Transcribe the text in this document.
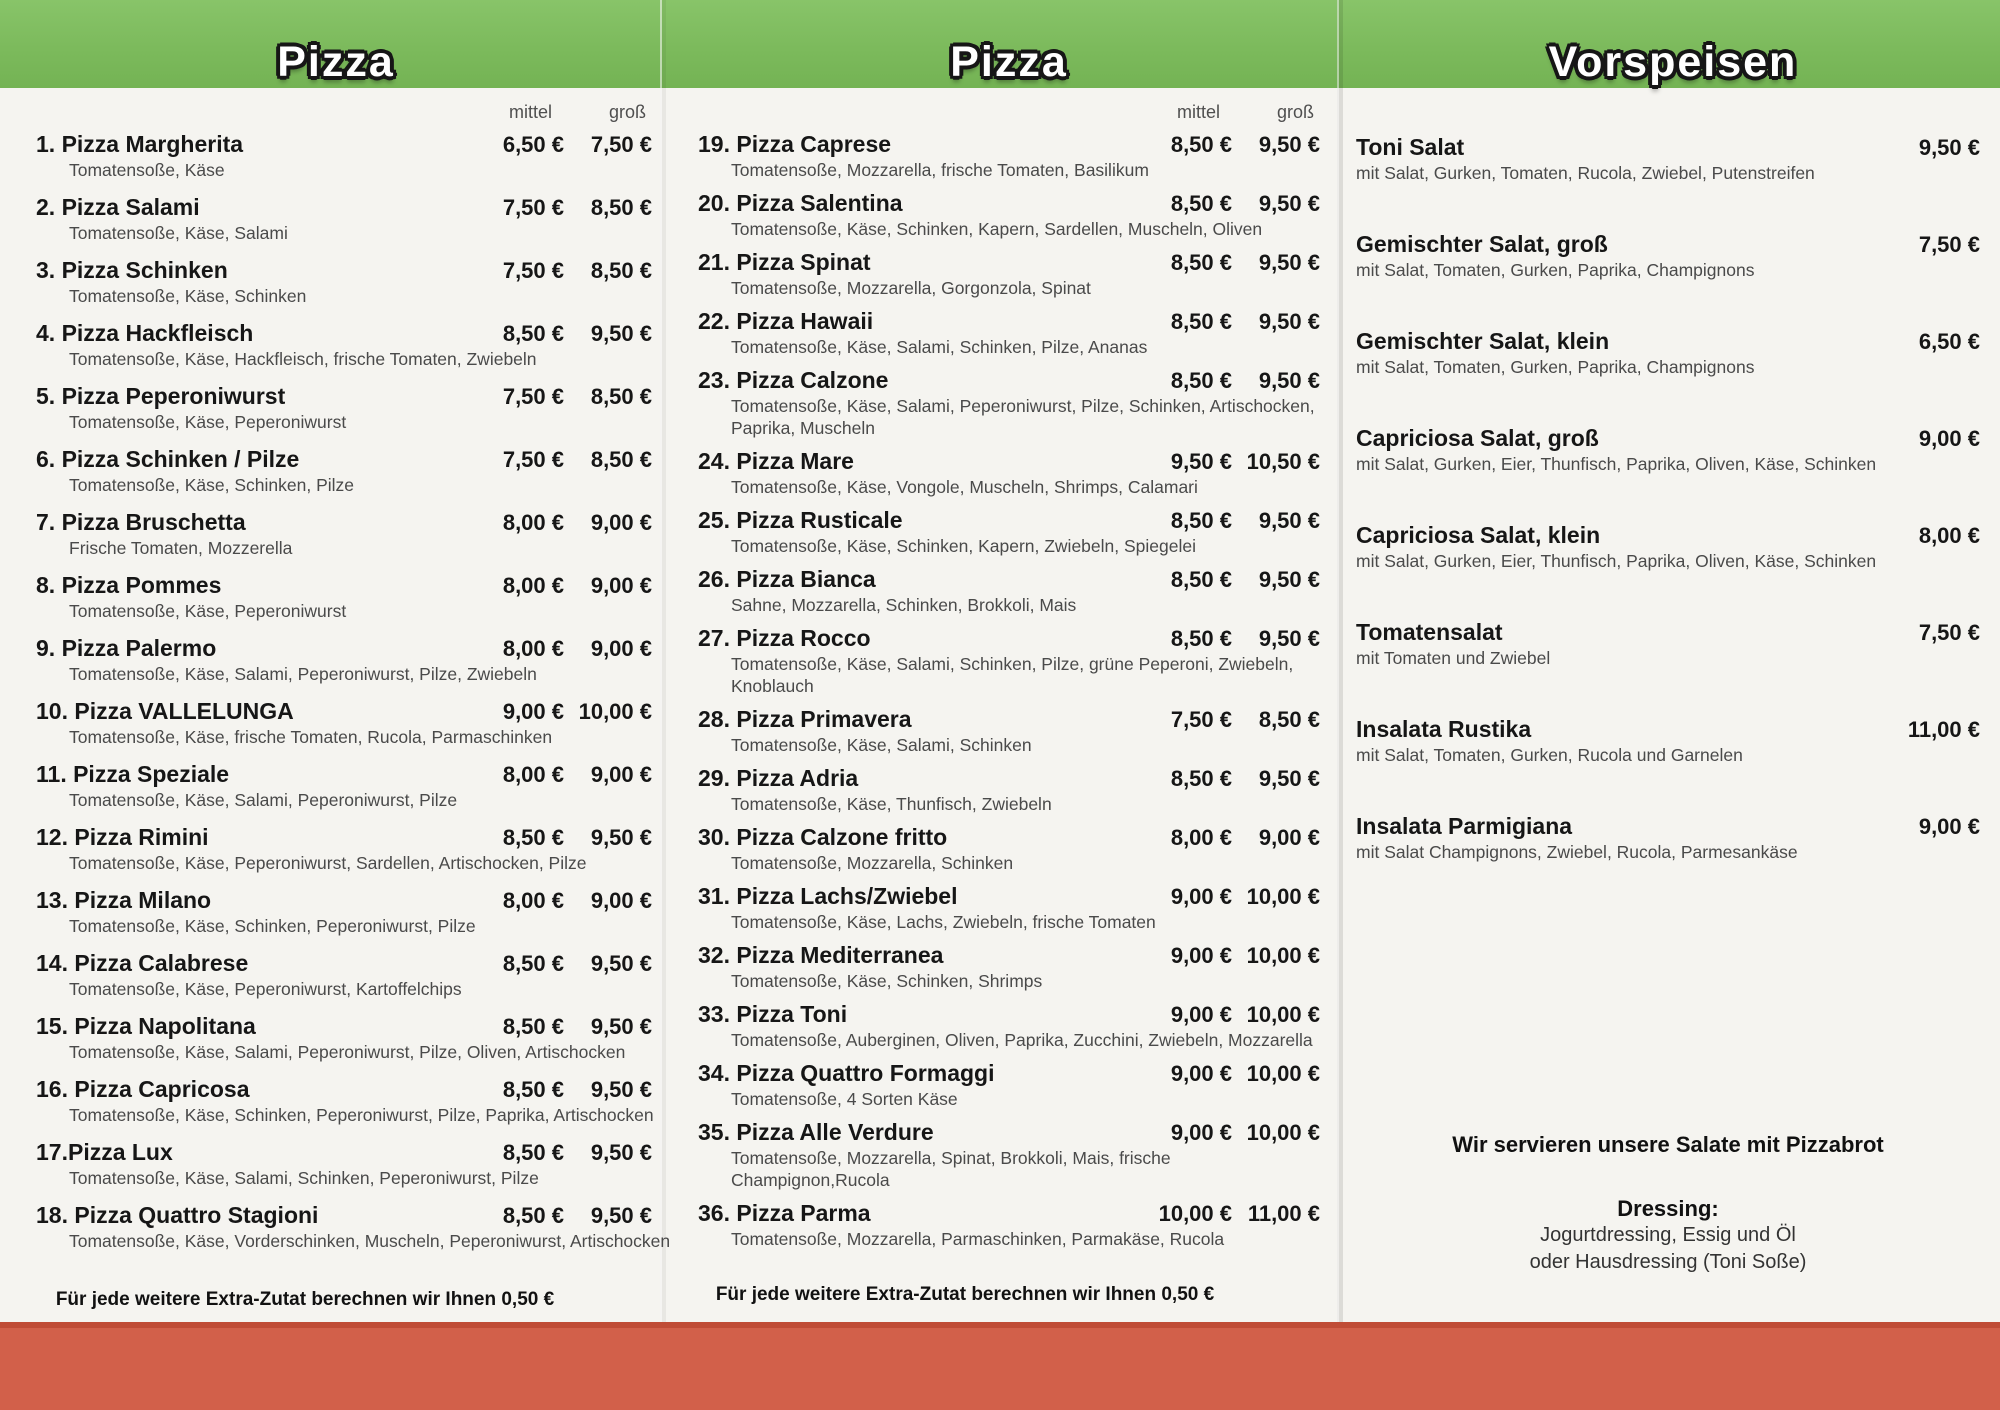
Pizza	Pizza	Vorspeisen
mittel	groß
1. Pizza Margherita	6,50 €	7,50 €
Tomatensoße, Käse
2. Pizza Salami	7,50 €	8,50 €
Tomatensoße, Käse, Salami
3. Pizza Schinken	7,50 €	8,50 €
Tomatensoße, Käse, Schinken
4. Pizza Hackfleisch	8,50 €	9,50 €
Tomatensoße, Käse, Hackfleisch, frische Tomaten, Zwiebeln
5. Pizza Peperoniwurst	7,50 €	8,50 €
Tomatensoße, Käse, Peperoniwurst
6. Pizza Schinken / Pilze	7,50 €	8,50 €
Tomatensoße, Käse, Schinken, Pilze
7. Pizza Bruschetta	8,00 €	9,00 €
Frische Tomaten, Mozzerella
8. Pizza Pommes	8,00 €	9,00 €
Tomatensoße, Käse, Peperoniwurst
9. Pizza Palermo	8,00 €	9,00 €
Tomatensoße, Käse, Salami, Peperoniwurst, Pilze, Zwiebeln
10. Pizza VALLELUNGA	9,00 € 10,00 €
Tomatensoße, Käse, frische Tomaten, Rucola, Parmaschinken
11. Pizza Speziale	8,00 €	9,00 €
Tomatensoße, Käse, Salami, Peperoniwurst, Pilze
12. Pizza Rimini	8,50 €	9,50 €
Tomatensoße, Käse, Peperoniwurst, Sardellen, Artischocken, Pilze
13. Pizza Milano	8,00 €	9,00 €
Tomatensoße, Käse, Schinken, Peperoniwurst, Pilze
14. Pizza Calabrese	8,50 €	9,50 €
Tomatensoße, Käse, Peperoniwurst, Kartoffelchips
15. Pizza Napolitana	8,50 €	9,50 €
Tomatensoße, Käse, Salami, Peperoniwurst, Pilze, Oliven, Artischocken
16. Pizza Capricosa	8,50 €	9,50 €
Tomatensoße, Käse, Schinken, Peperoniwurst, Pilze, Paprika, Artischocken
17.Pizza Lux	8,50 €	9,50 €
Tomatensoße, Käse, Salami, Schinken, Peperoniwurst, Pilze
18. Pizza Quattro Stagioni	8,50 €	9,50 €
Tomatensoße, Käse, Vorderschinken, Muscheln, Peperoniwurst, Artischocken
mittel	groß
19. Pizza Caprese	8,50 €	9,50 €
Tomatensoße, Mozzarella, frische Tomaten, Basilikum
20. Pizza Salentina	8,50 €	9,50 €
Tomatensoße, Käse, Schinken, Kapern, Sardellen, Muscheln, Oliven
21. Pizza Spinat	8,50 €	9,50 €
Tomatensoße, Mozzarella, Gorgonzola, Spinat
22. Pizza Hawaii	8,50 €	9,50 €
Tomatensoße, Käse, Salami, Schinken, Pilze, Ananas
23. Pizza Calzone	8,50 €	9,50 €
Tomatensoße, Käse, Salami, Peperoniwurst, Pilze, Schinken, Artischocken, Paprika, Muscheln
24. Pizza Mare	9,50 € 10,50 €
Tomatensoße, Käse, Vongole, Muscheln, Shrimps, Calamari
25. Pizza Rusticale	8,50 €	9,50 €
Tomatensoße, Käse, Schinken, Kapern, Zwiebeln, Spiegelei
26. Pizza Bianca	8,50 €	9,50 €
Sahne, Mozzarella, Schinken, Brokkoli, Mais
27. Pizza Rocco	8,50 €	9,50 €
Tomatensoße, Käse, Salami, Schinken, Pilze, grüne Peperoni, Zwiebeln, Knoblauch
28. Pizza Primavera	7,50 €	8,50 €
Tomatensoße, Käse, Salami, Schinken
29. Pizza Adria	8,50 €	9,50 €
Tomatensoße, Käse, Thunfisch, Zwiebeln
30. Pizza Calzone fritto	8,00 €	9,00 €
Tomatensoße, Mozzarella, Schinken
31. Pizza Lachs/Zwiebel	9,00 € 10,00 €
Tomatensoße, Käse, Lachs, Zwiebeln, frische Tomaten
32. Pizza Mediterranea	9,00 € 10,00 €
Tomatensoße, Käse, Schinken, Shrimps
33. Pizza Toni	9,00 € 10,00 €
Tomatensoße, Auberginen, Oliven, Paprika, Zucchini, Zwiebeln, Mozzarella
34. Pizza Quattro Formaggi	9,00 € 10,00 €
Tomatensoße, 4 Sorten Käse
35. Pizza Alle Verdure	9,00 € 10,00 €
Tomatensoße, Mozzarella, Spinat, Brokkoli, Mais, frische Champignon,Rucola
36. Pizza Parma	10,00 € 11,00 €
Tomatensoße, Mozzarella, Parmaschinken, Parmakäse, Rucola
Toni Salat	9,50 €
mit Salat, Gurken, Tomaten, Rucola, Zwiebel, Putenstreifen
Gemischter Salat, groß	7,50 €
mit Salat, Tomaten, Gurken, Paprika, Champignons
Gemischter Salat, klein	6,50 €
mit Salat, Tomaten, Gurken, Paprika, Champignons
Capriciosa Salat, groß	9,00 €
mit Salat, Gurken, Eier, Thunfisch, Paprika, Oliven, Käse, Schinken
Capriciosa Salat, klein	8,00 €
mit Salat, Gurken, Eier, Thunfisch, Paprika, Oliven, Käse, Schinken
Tomatensalat	7,50 €
mit Tomaten und Zwiebel
Insalata Rustika	11,00 €
mit Salat, Tomaten, Gurken, Rucola und Garnelen
Insalata Parmigiana	9,00 €
mit Salat Champignons, Zwiebel, Rucola, Parmesankäse
Für jede weitere Extra-Zutat berechnen wir Ihnen 0,50 €	Für jede weitere Extra-Zutat berechnen wir Ihnen 0,50 €
Wir servieren unsere Salate mit Pizzabrot
Dressing:
Jogurtdressing, Essig und Öl
oder Hausdressing (Toni Soße)
